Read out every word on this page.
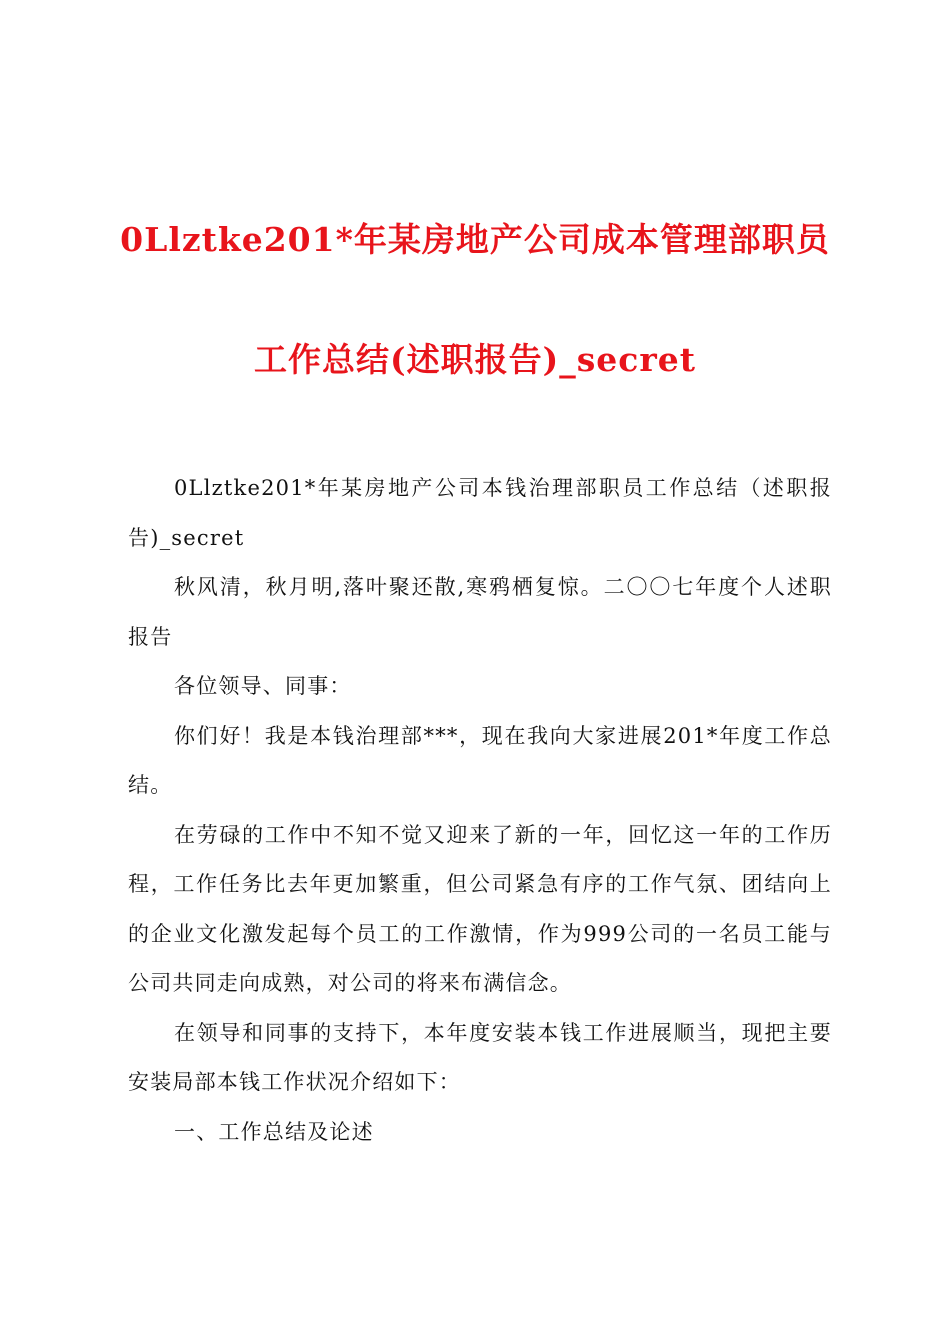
0Llztke201*年某房地产公司成本管理部职员
工作总结(述职报告)_secret

0Llztke201*年某房地产公司本钱治理部职员工作总结（述职报告)_secret

秋风清，秋月明,落叶聚还散,寒鸦栖复惊。二〇〇七年度个人述职报告

各位领导、同事：

你们好！我是本钱治理部***，现在我向大家进展201*年度工作总结。

在劳碌的工作中不知不觉又迎来了新的一年，回忆这一年的工作历程，工作任务比去年更加繁重，但公司紧急有序的工作气氛、团结向上的企业文化激发起每个员工的工作激情，作为999公司的一名员工能与公司共同走向成熟，对公司的将来布满信念。

在领导和同事的支持下，本年度安装本钱工作进展顺当，现把主要安装局部本钱工作状况介绍如下：

一、工作总结及论述
